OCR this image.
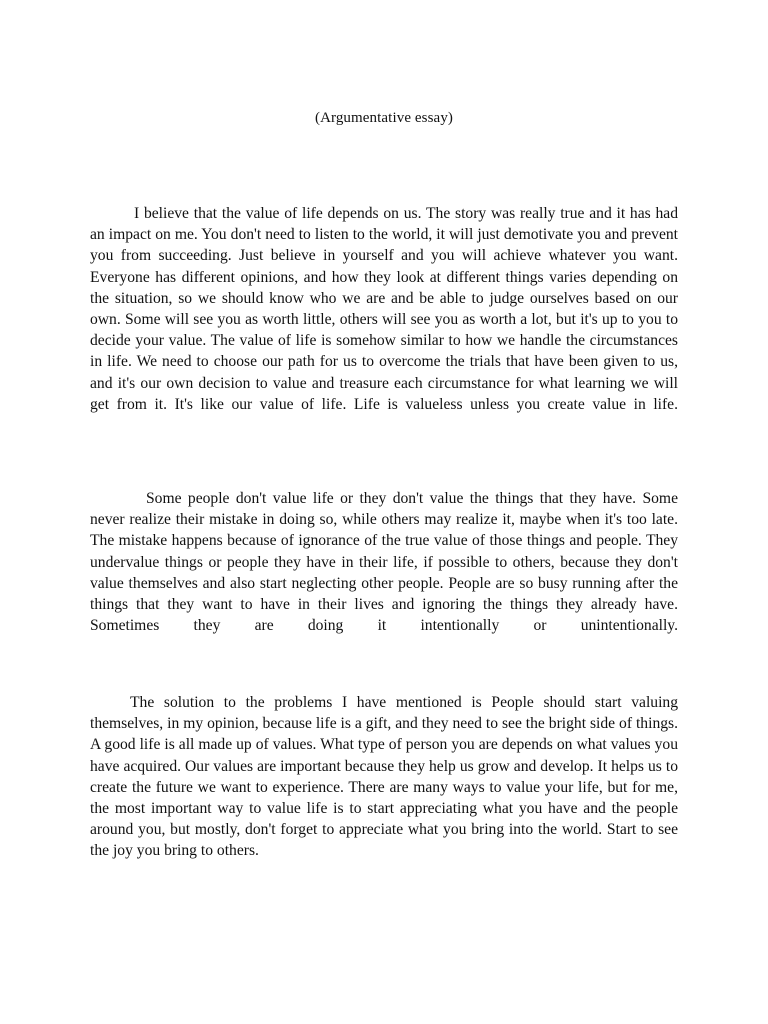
(Argumentative essay)

I believe that the value of life depends on us. The story was really true and it has had an impact on me. You don't need to listen to the world, it will just demotivate you and prevent you from succeeding. Just believe in yourself and you will achieve whatever you want. Everyone has different opinions, and how they look at different things varies depending on the situation, so we should know who we are and be able to judge ourselves based on our own. Some will see you as worth little, others will see you as worth a lot, but it's up to you to decide your value. The value of life is somehow similar to how we handle the circumstances in life. We need to choose our path for us to overcome the trials that have been given to us, and it's our own decision to value and treasure each circumstance for what learning we will get from it. It's like our value of life. Life is valueless unless you create value in life.

Some people don't value life or they don't value the things that they have. Some never realize their mistake in doing so, while others may realize it, maybe when it's too late. The mistake happens because of ignorance of the true value of those things and people. They undervalue things or people they have in their life, if possible to others, because they don't value themselves and also start neglecting other people. People are so busy running after the things that they want to have in their lives and ignoring the things they already have. Sometimes they are doing it intentionally or unintentionally.

The solution to the problems I have mentioned is People should start valuing themselves, in my opinion, because life is a gift, and they need to see the bright side of things. A good life is all made up of values. What type of person you are depends on what values you have acquired. Our values are important because they help us grow and develop. It helps us to create the future we want to experience. There are many ways to value your life, but for me, the most important way to value life is to start appreciating what you have and the people around you, but mostly, don't forget to appreciate what you bring into the world. Start to see the joy you bring to others.
